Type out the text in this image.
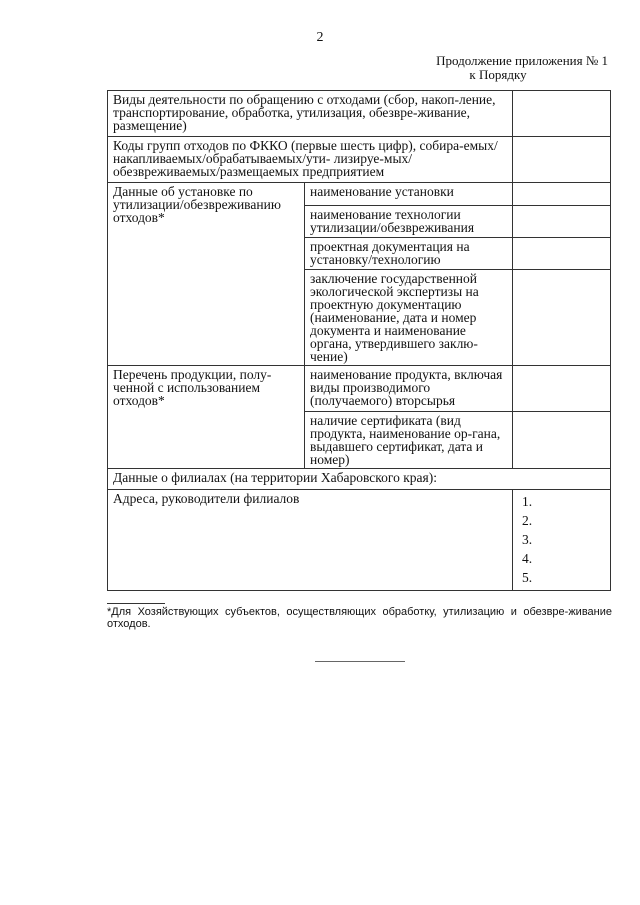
2
Продолжение приложения № 1
к Порядку
Виды деятельности по обращению с отходами (сбор, накоп-ление, транспортирование, обработка, утилизация, обезвре-живание, размещение)		
Коды групп отходов по ФККО (первые шесть цифр), собира-емых/накапливаемых/обрабатываемых/ути- лизируе-мых/обезвреживаемых/размещаемых предприятием		
Данные об установке по утилизации/обезвреживанию отходов*	наименование установки	
	наименование технологии утилизации/обезвреживания	
	проектная документация на установку/технологию	
	заключение государственной экологической экспертизы на проектную документацию (наименование, дата и номер документа и наименование органа, утвердившего заклю-чение)	
Перечень продукции, полу-ченной с использованием отходов*	наименование продукта, включая виды производимого (получаемого) вторсырья	
	наличие сертификата (вид продукта, наименование ор-гана, выдавшего сертификат, дата и номер)	
Данные о филиалах (на территории Хабаровского края):		
Адреса, руководители филиалов		1.
2.
3.
4.
5.
*Для Хозяйствующих субъектов, осуществляющих обработку, утилизацию и обезвре-живание отходов.
